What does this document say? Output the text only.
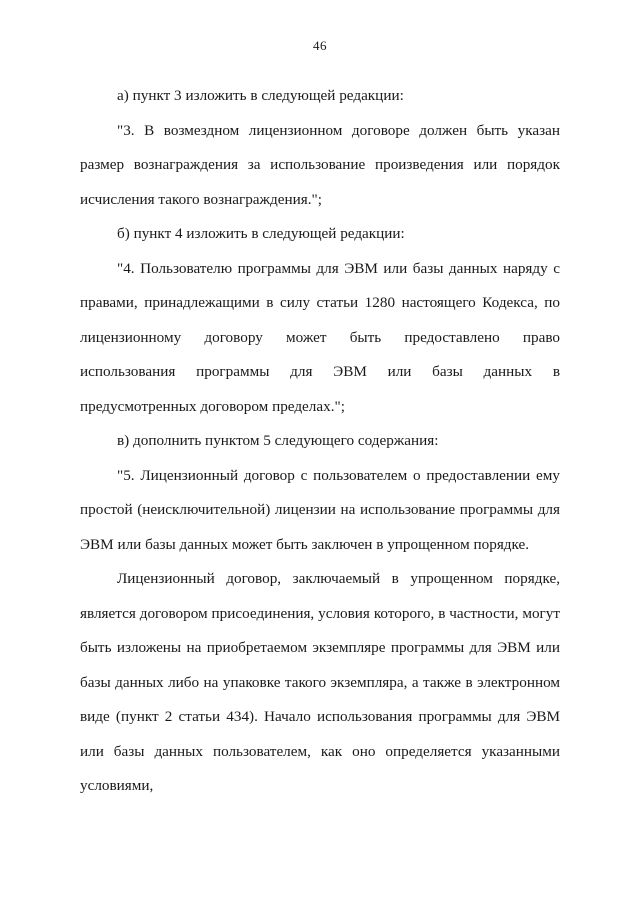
46

а) пункт 3 изложить в следующей редакции:

"3. В возмездном лицензионном договоре должен быть указан размер вознаграждения за использование произведения или порядок исчисления такого вознаграждения.";

б) пункт 4 изложить в следующей редакции:

"4. Пользователю программы для ЭВМ или базы данных наряду с правами, принадлежащими в силу статьи 1280 настоящего Кодекса, по лицензионному договору может быть предоставлено право использования программы для ЭВМ или базы данных в предусмотренных договором пределах.";

в) дополнить пунктом 5 следующего содержания:

"5. Лицензионный договор с пользователем о предоставлении ему простой (неисключительной) лицензии на использование программы для ЭВМ или базы данных может быть заключен в упрощенном порядке.

Лицензионный договор, заключаемый в упрощенном порядке, является договором присоединения, условия которого, в частности, могут быть изложены на приобретаемом экземпляре программы для ЭВМ или базы данных либо на упаковке такого экземпляра, а также в электронном виде (пункт 2 статьи 434). Начало использования программы для ЭВМ или базы данных пользователем, как оно определяется указанными условиями,
